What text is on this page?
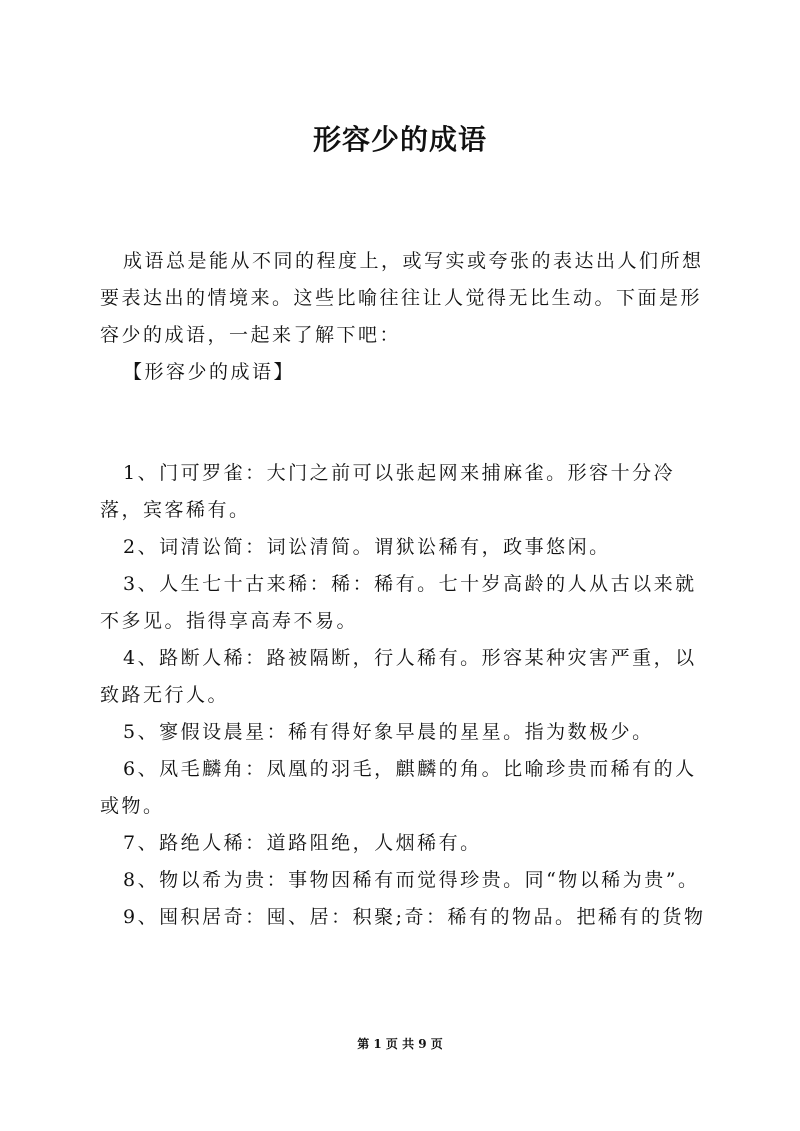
形容少的成语

成语总是能从不同的程度上，或写实或夸张的表达出人们所想要表达出的情境来。这些比喻往往让人觉得无比生动。下面是形容少的成语，一起来了解下吧：

【形容少的成语】

1、门可罗雀：大门之前可以张起网来捕麻雀。形容十分冷落，宾客稀有。

2、词清讼简：词讼清简。谓狱讼稀有，政事悠闲。

3、人生七十古来稀：稀：稀有。七十岁高龄的人从古以来就不多见。指得享高寿不易。

4、路断人稀：路被隔断，行人稀有。形容某种灾害严重，以致路无行人。

5、寥假设晨星：稀有得好象早晨的星星。指为数极少。

6、凤毛麟角：凤凰的羽毛，麒麟的角。比喻珍贵而稀有的人或物。

7、路绝人稀：道路阻绝，人烟稀有。

8、物以希为贵：事物因稀有而觉得珍贵。同“物以稀为贵”。

9、囤积居奇：囤、居：积聚;奇：稀有的物品。把稀有的货物

第 1 页 共 9 页
